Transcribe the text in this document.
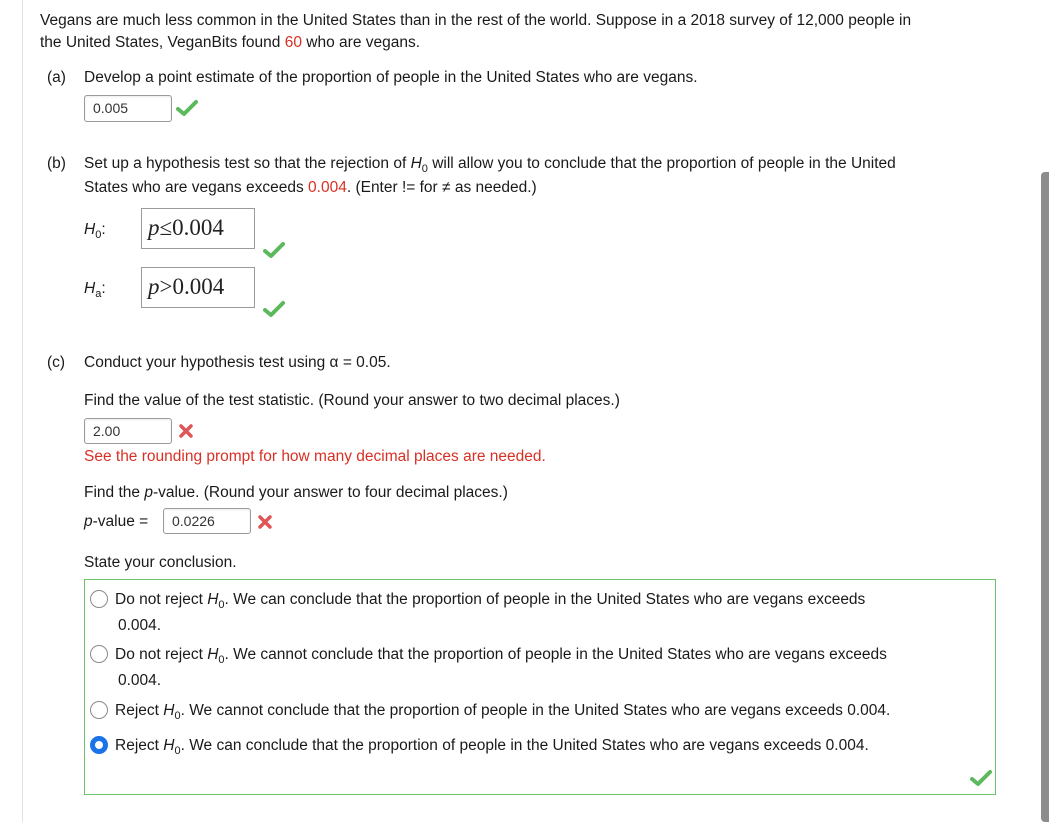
Vegans are much less common in the United States than in the rest of the world. Suppose in a 2018 survey of 12,000 people in
the United States, VeganBits found 60 who are vegans.
(a) Develop a point estimate of the proportion of people in the United States who are vegans.
0.005
(b) Set up a hypothesis test so that the rejection of $H_0$ will allow you to conclude that the proportion of people in the United
States who are vegans exceeds 0.004. (Enter != for ≠ as needed.)
$H_0$:	p≤0.004
$H_a$:	p>0.004
(c) Conduct your hypothesis test using α = 0.05.
Find the value of the test statistic. (Round your answer to two decimal places.)
2.00
See the rounding prompt for how many decimal places are needed.
Find the p-value. (Round your answer to four decimal places.)
p-value =	0.0226
State your conclusion.
Do not reject $H_0$. We can conclude that the proportion of people in the United States who are vegans exceeds
0.004.
Do not reject $H_0$. We cannot conclude that the proportion of people in the United States who are vegans exceeds
0.004.
Reject $H_0$. We cannot conclude that the proportion of people in the United States who are vegans exceeds 0.004.
Reject $H_0$. We can conclude that the proportion of people in the United States who are vegans exceeds 0.004.
